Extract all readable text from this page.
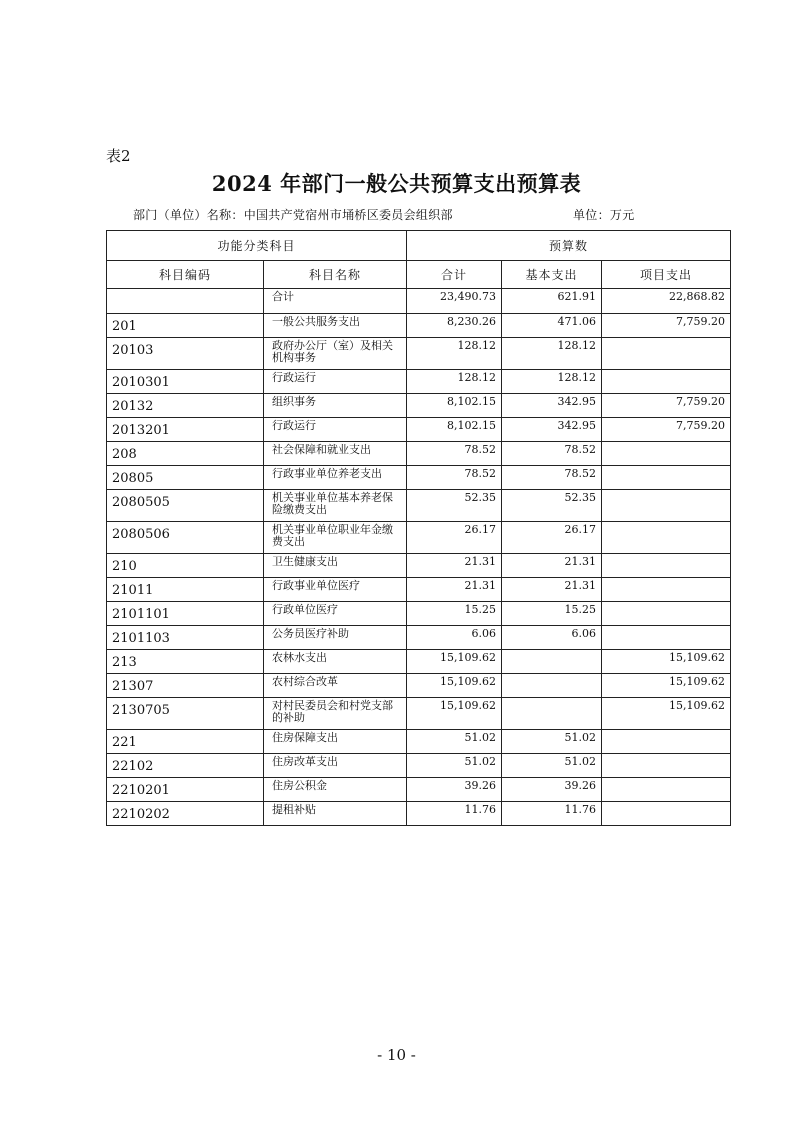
表2
2024 年部门一般公共预算支出预算表
部门（单位）名称：中国共产党宿州市埇桥区委员会组织部	单位：万元
功能分类科目		预算数		
科目编码	科目名称	合计	基本支出	项目支出
	合计	23,490.73	621.91	22,868.82
201	一般公共服务支出	8,230.26	471.06	7,759.20
20103	政府办公厅（室）及相关机构事务	128.12	128.12	
2010301	行政运行	128.12	128.12	
20132	组织事务	8,102.15	342.95	7,759.20
2013201	行政运行	8,102.15	342.95	7,759.20
208	社会保障和就业支出	78.52	78.52	
20805	行政事业单位养老支出	78.52	78.52	
2080505	机关事业单位基本养老保险缴费支出	52.35	52.35	
2080506	机关事业单位职业年金缴费支出	26.17	26.17	
210	卫生健康支出	21.31	21.31	
21011	行政事业单位医疗	21.31	21.31	
2101101	行政单位医疗	15.25	15.25	
2101103	公务员医疗补助	6.06	6.06	
213	农林水支出	15,109.62		15,109.62
21307	农村综合改革	15,109.62		15,109.62
2130705	对村民委员会和村党支部的补助	15,109.62		15,109.62
221	住房保障支出	51.02	51.02	
22102	住房改革支出	51.02	51.02	
2210201	住房公积金	39.26	39.26	
2210202	提租补贴	11.76	11.76	
- 10 -
